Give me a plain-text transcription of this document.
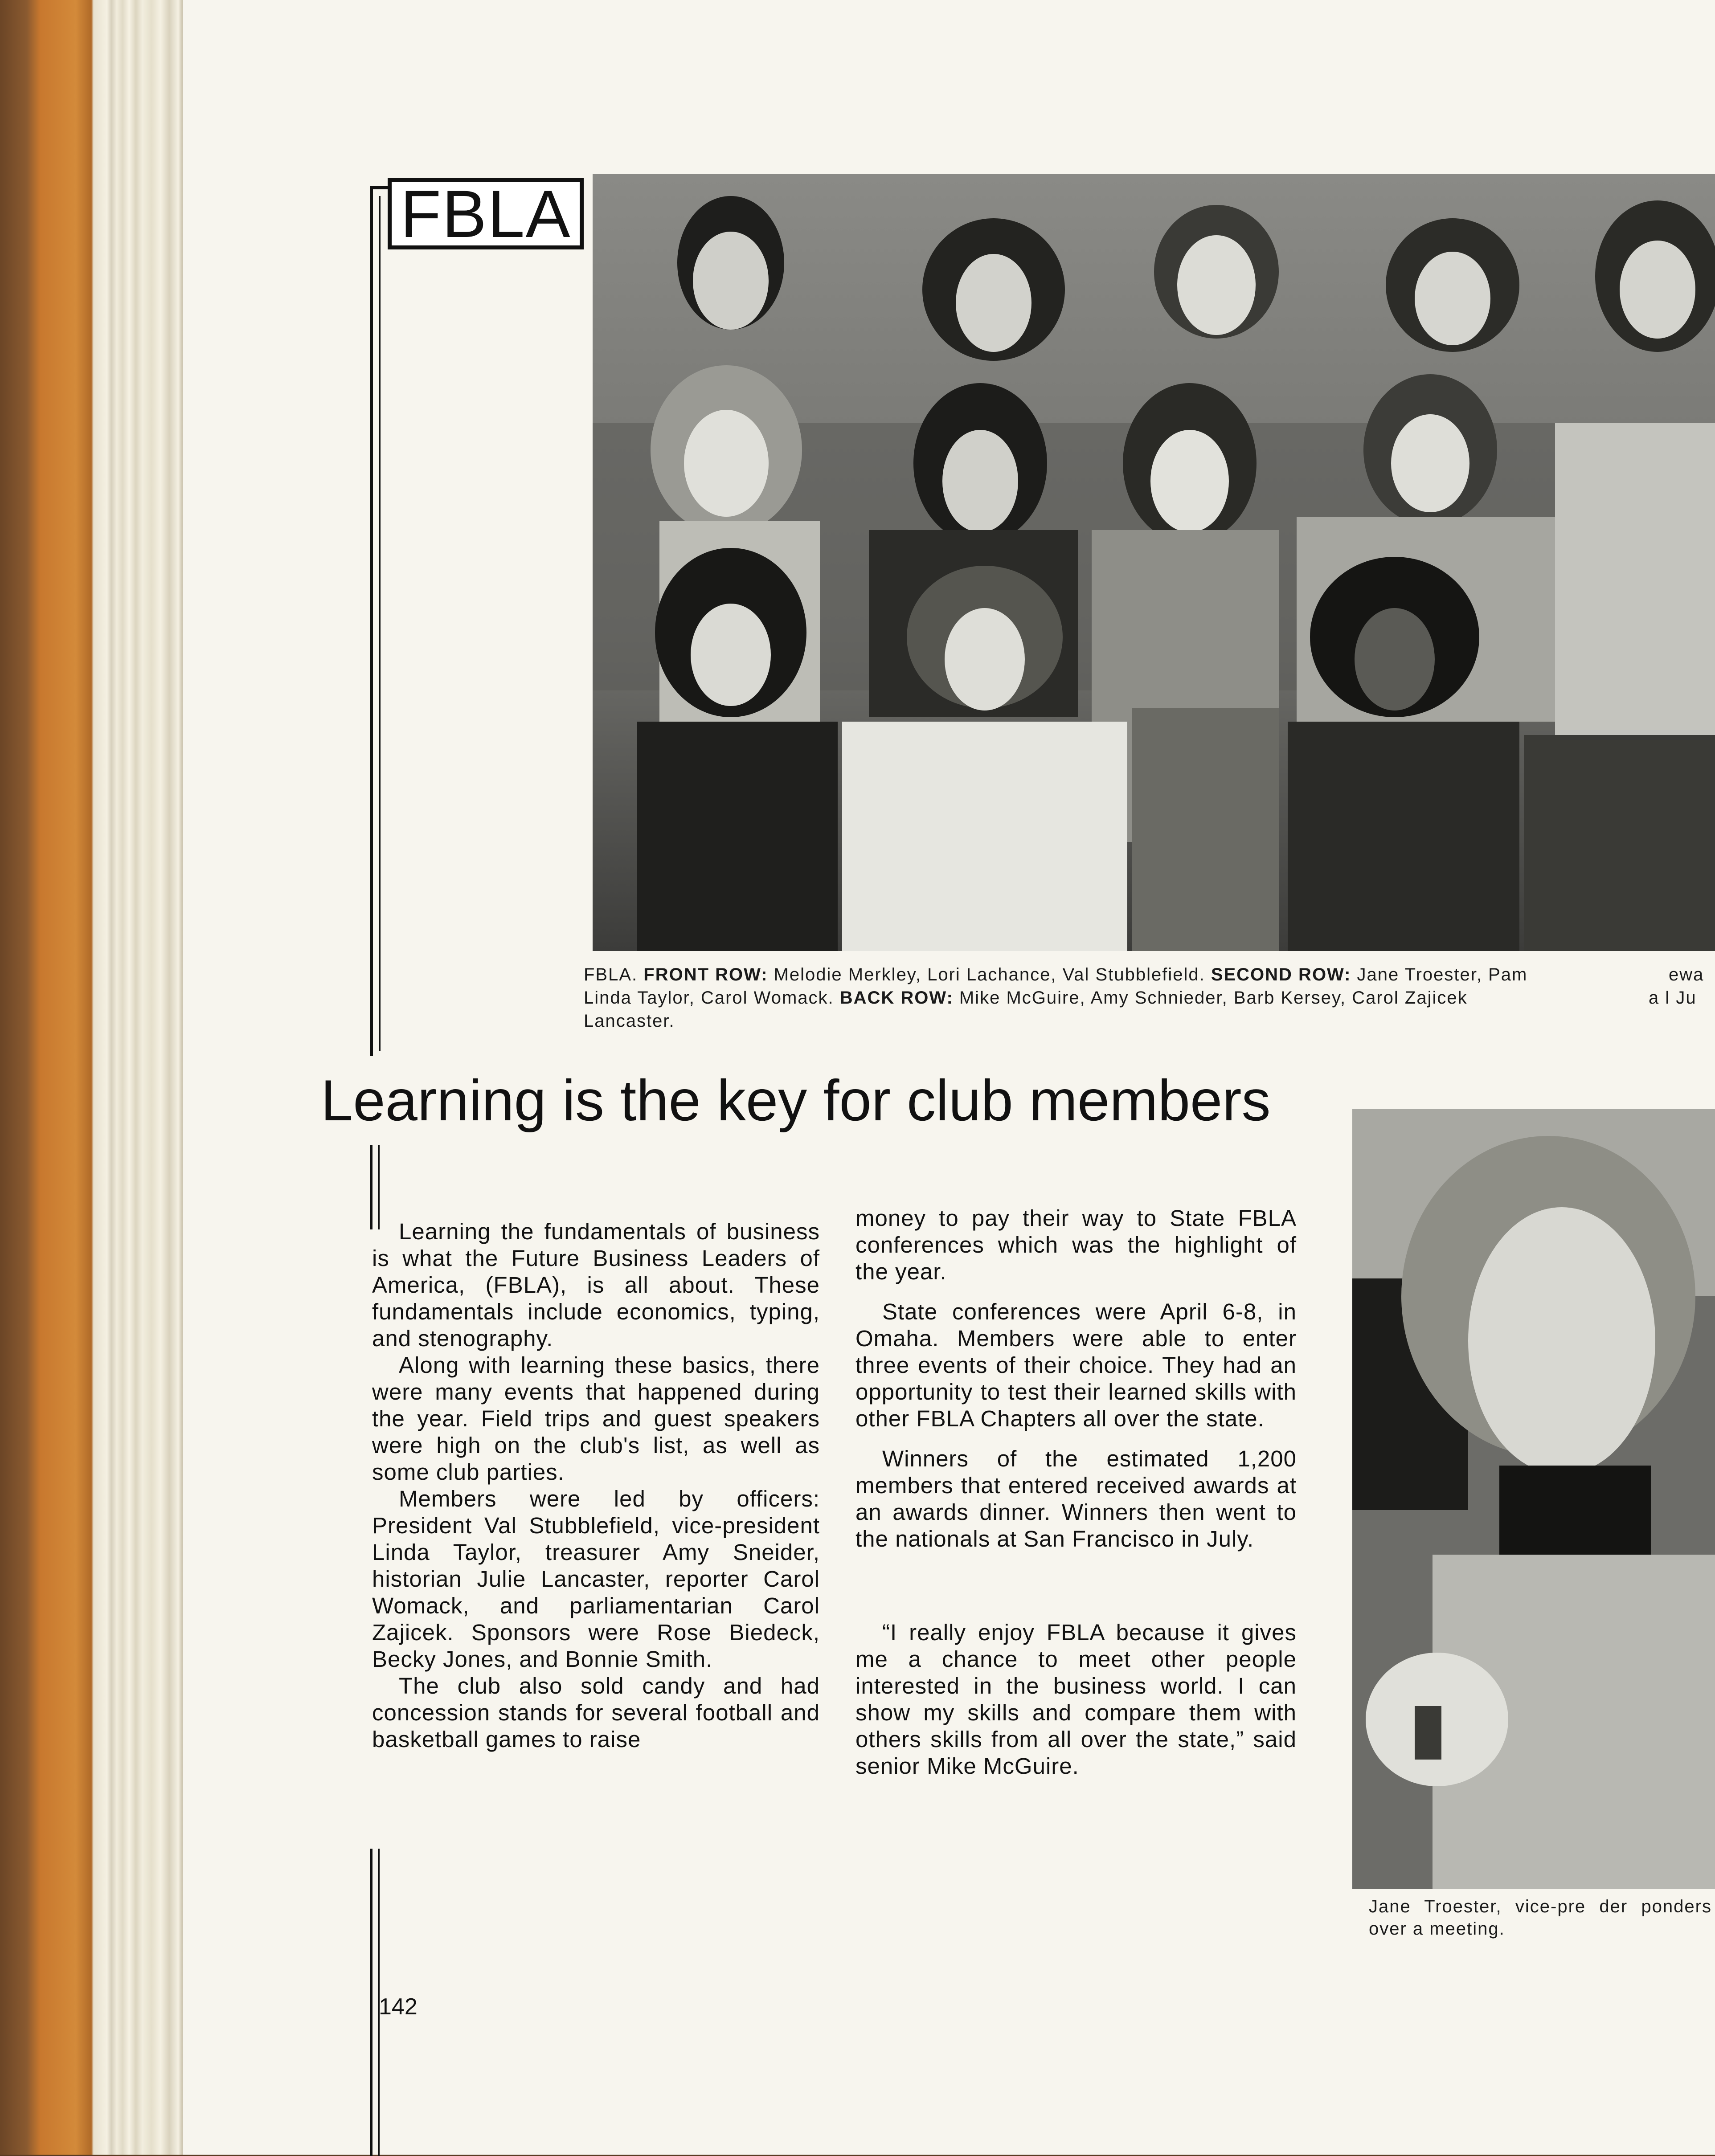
FBLA
FBLA. FRONT ROW: Melodie Merkley, Lori Lachance, Val Stubblefield. SECOND ROW: Jane Troester, Pam	ewa
Linda Taylor, Carol Womack. BACK ROW: Mike McGuire, Amy Schnieder, Barb Kersey, Carol Zajicek	a l Ju
Lancaster.
Learning is the key for club members

Learning the fundamentals of business is what the Future Business Leaders of America, (FBLA), is all about. These fundamentals include economics, typing, and stenography.

Along with learning these basics, there were many events that happened during the year. Field trips and guest speakers were high on the club's list, as well as some club parties.

Members were led by officers: President Val Stubblefield, vice-president Linda Taylor, treasurer Amy Sneider, historian Julie Lancaster, reporter Carol Womack, and parliamentarian Carol Zajicek. Sponsors were Rose Biedeck, Becky Jones, and Bonnie Smith.

The club also sold candy and had concession stands for several football and basketball games to raise

money to pay their way to State FBLA conferences which was the highlight of the year.

State conferences were April 6-8, in Omaha. Members were able to enter three events of their choice. They had an opportunity to test their learned skills with other FBLA Chapters all over the state.

Winners of the estimated 1,200 members that entered received awards at an awards dinner. Winners then went to the nationals at San Francisco in July.

“I really enjoy FBLA because it gives me a chance to meet other people interested in the business world. I can show my skills and compare them with others skills from all over the state,” said senior Mike McGuire.

Jane Troester, vice-pre der ponders over a meeting.
142
